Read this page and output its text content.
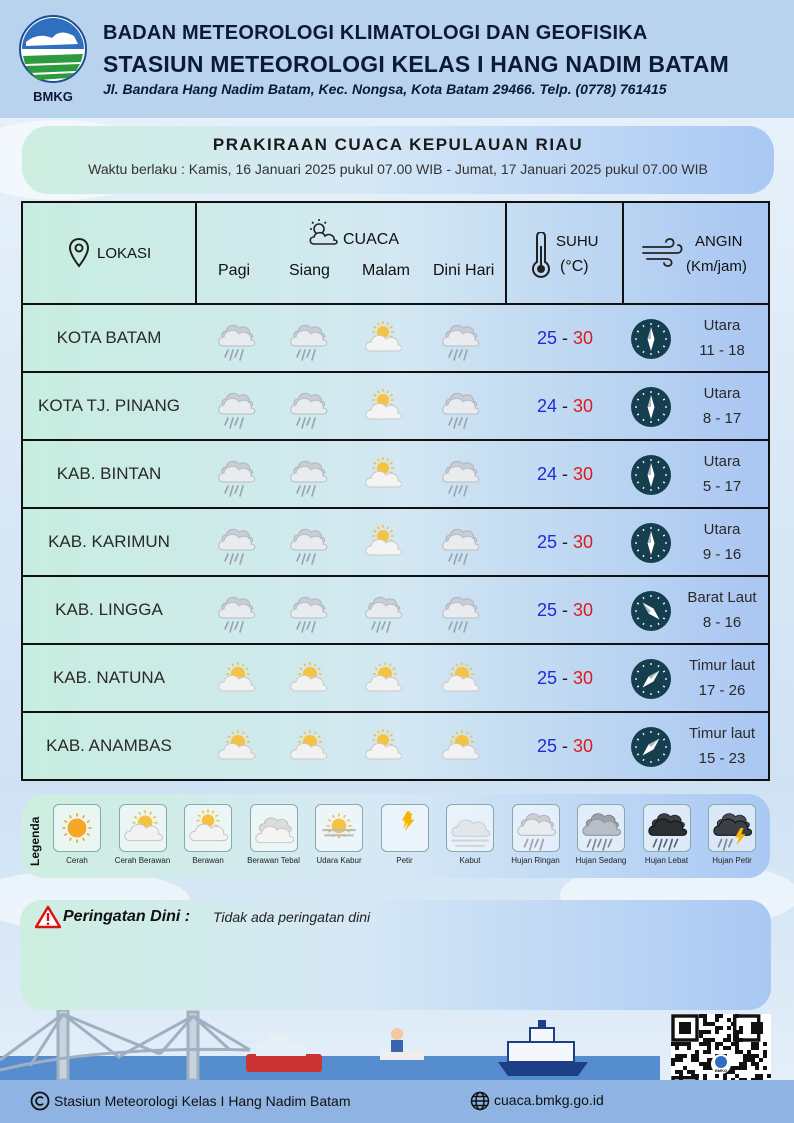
BMKG
BADAN METEOROLOGI KLIMATOLOGI DAN GEOFISIKA
STASIUN METEOROLOGI KELAS I HANG NADIM BATAM
Jl. Bandara Hang Nadim Batam, Kec. Nongsa, Kota Batam 29466. Telp. (0778) 761415
PRAKIRAAN CUACA KEPULAUAN RIAU
Waktu berlaku : Kamis, 16 Januari 2025 pukul 07.00 WIB - Jumat, 17 Januari 2025 pukul 07.00 WIB
LOKASI
CUACA
Pagi Siang Malam Dini Hari
SUHU
(°C)
ANGIN
(Km/jam)
KOTA BATAM	25 - 30
Utara
11 - 18
KOTA TJ. PINANG	24 - 30
Utara
8 - 17
KAB. BINTAN	24 - 30
Utara
5 - 17
KAB. KARIMUN	25 - 30
Utara
9 - 16
KAB. LINGGA	25 - 30
Barat Laut
8 - 16
KAB. NATUNA	25 - 30
Timur laut
17 - 26
KAB. ANAMBAS	25 - 30
Timur laut
15 - 23
Legenda	Cerah	Cerah Berawan	Berawan	Berawan Tebal	Udara Kabur	Petir	Kabut	Hujan Ringan	Hujan Sedang	Hujan Lebat	Hujan Petir
Peringatan Dini : Tidak ada peringatan dini
BMKG
Stasiun Meteorologi Kelas I Hang Nadim Batam	cuaca.bmkg.go.id
